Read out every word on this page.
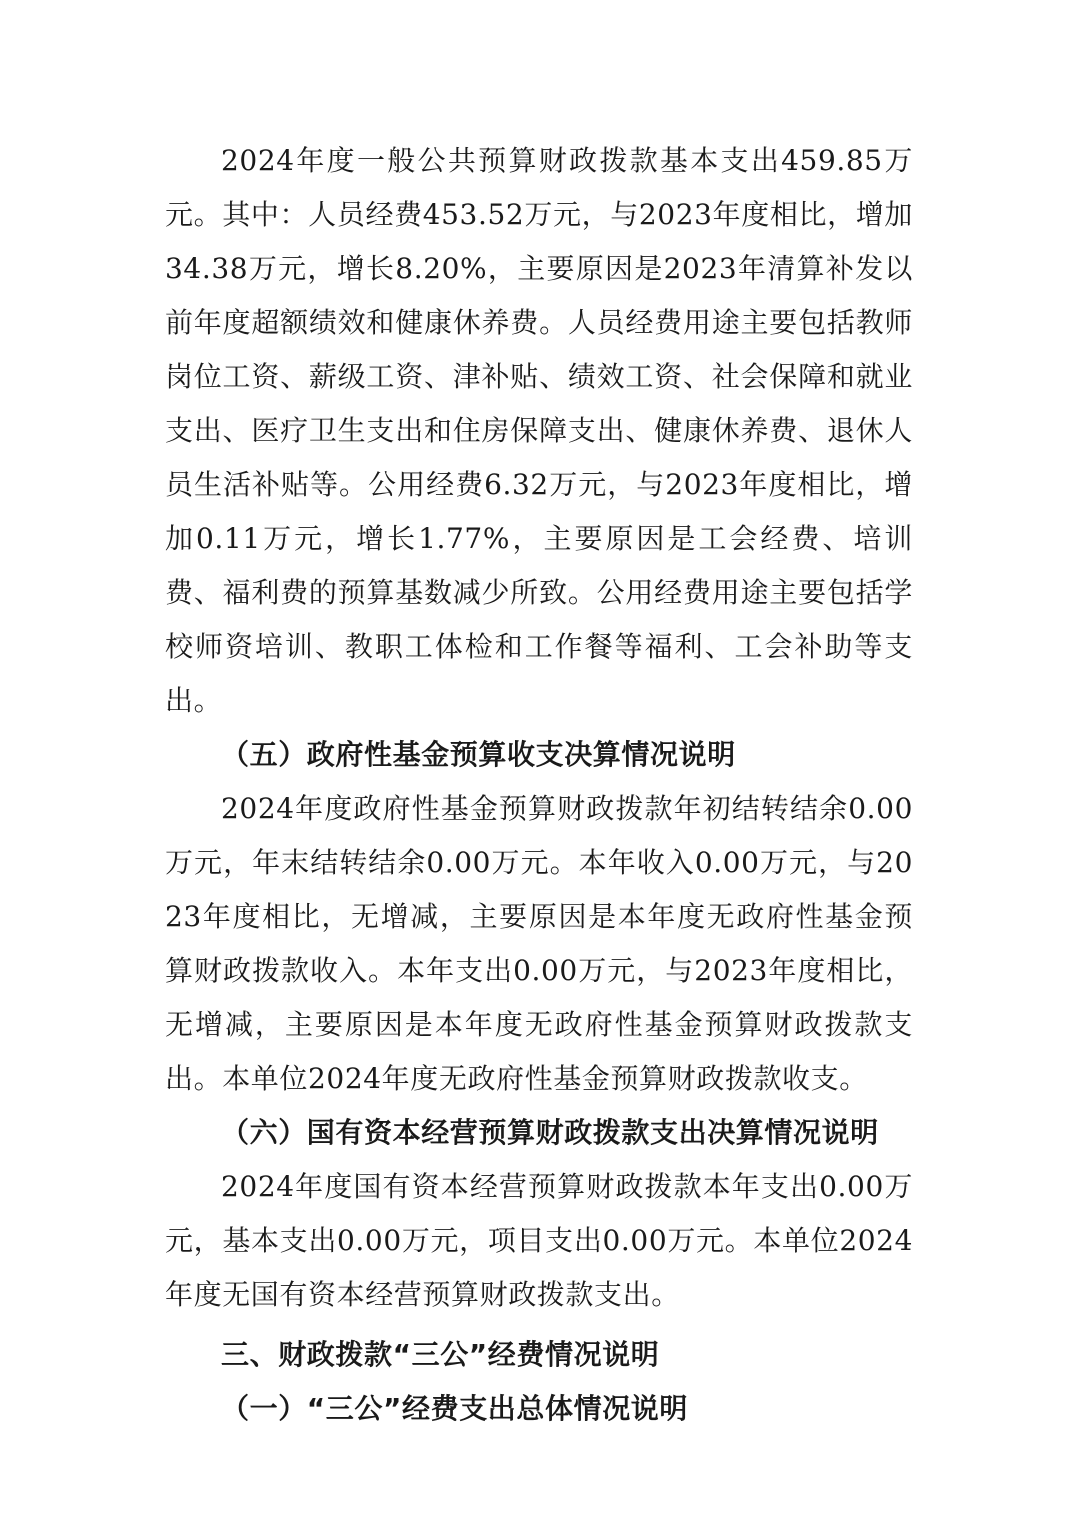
2024年度一般公共预算财政拨款基本支出459.85万元。其中：人员经费453.52万元，与2023年度相比，增加34.38万元，增长8.20%，主要原因是2023年清算补发以前年度超额绩效和健康休养费。人员经费用途主要包括教师岗位工资、薪级工资、津补贴、绩效工资、社会保障和就业支出、医疗卫生支出和住房保障支出、健康休养费、退休人员生活补贴等。公用经费6.32万元，与2023年度相比，增加0.11万元，增长1.77%，主要原因是工会经费、培训费、福利费的预算基数减少所致。公用经费用途主要包括学校师资培训、教职工体检和工作餐等福利、工会补助等支出。

（五）政府性基金预算收支决算情况说明

2024年度政府性基金预算财政拨款年初结转结余0.00万元，年末结转结余0.00万元。本年收入0.00万元，与2023年度相比，无增减，主要原因是本年度无政府性基金预算财政拨款收入。本年支出0.00万元，与2023年度相比，无增减，主要原因是本年度无政府性基金预算财政拨款支出。本单位2024年度无政府性基金预算财政拨款收支。

（六）国有资本经营预算财政拨款支出决算情况说明

2024年度国有资本经营预算财政拨款本年支出0.00万元，基本支出0.00万元，项目支出0.00万元。本单位2024年度无国有资本经营预算财政拨款支出。

三、财政拨款“三公”经费情况说明

（一）“三公”经费支出总体情况说明
